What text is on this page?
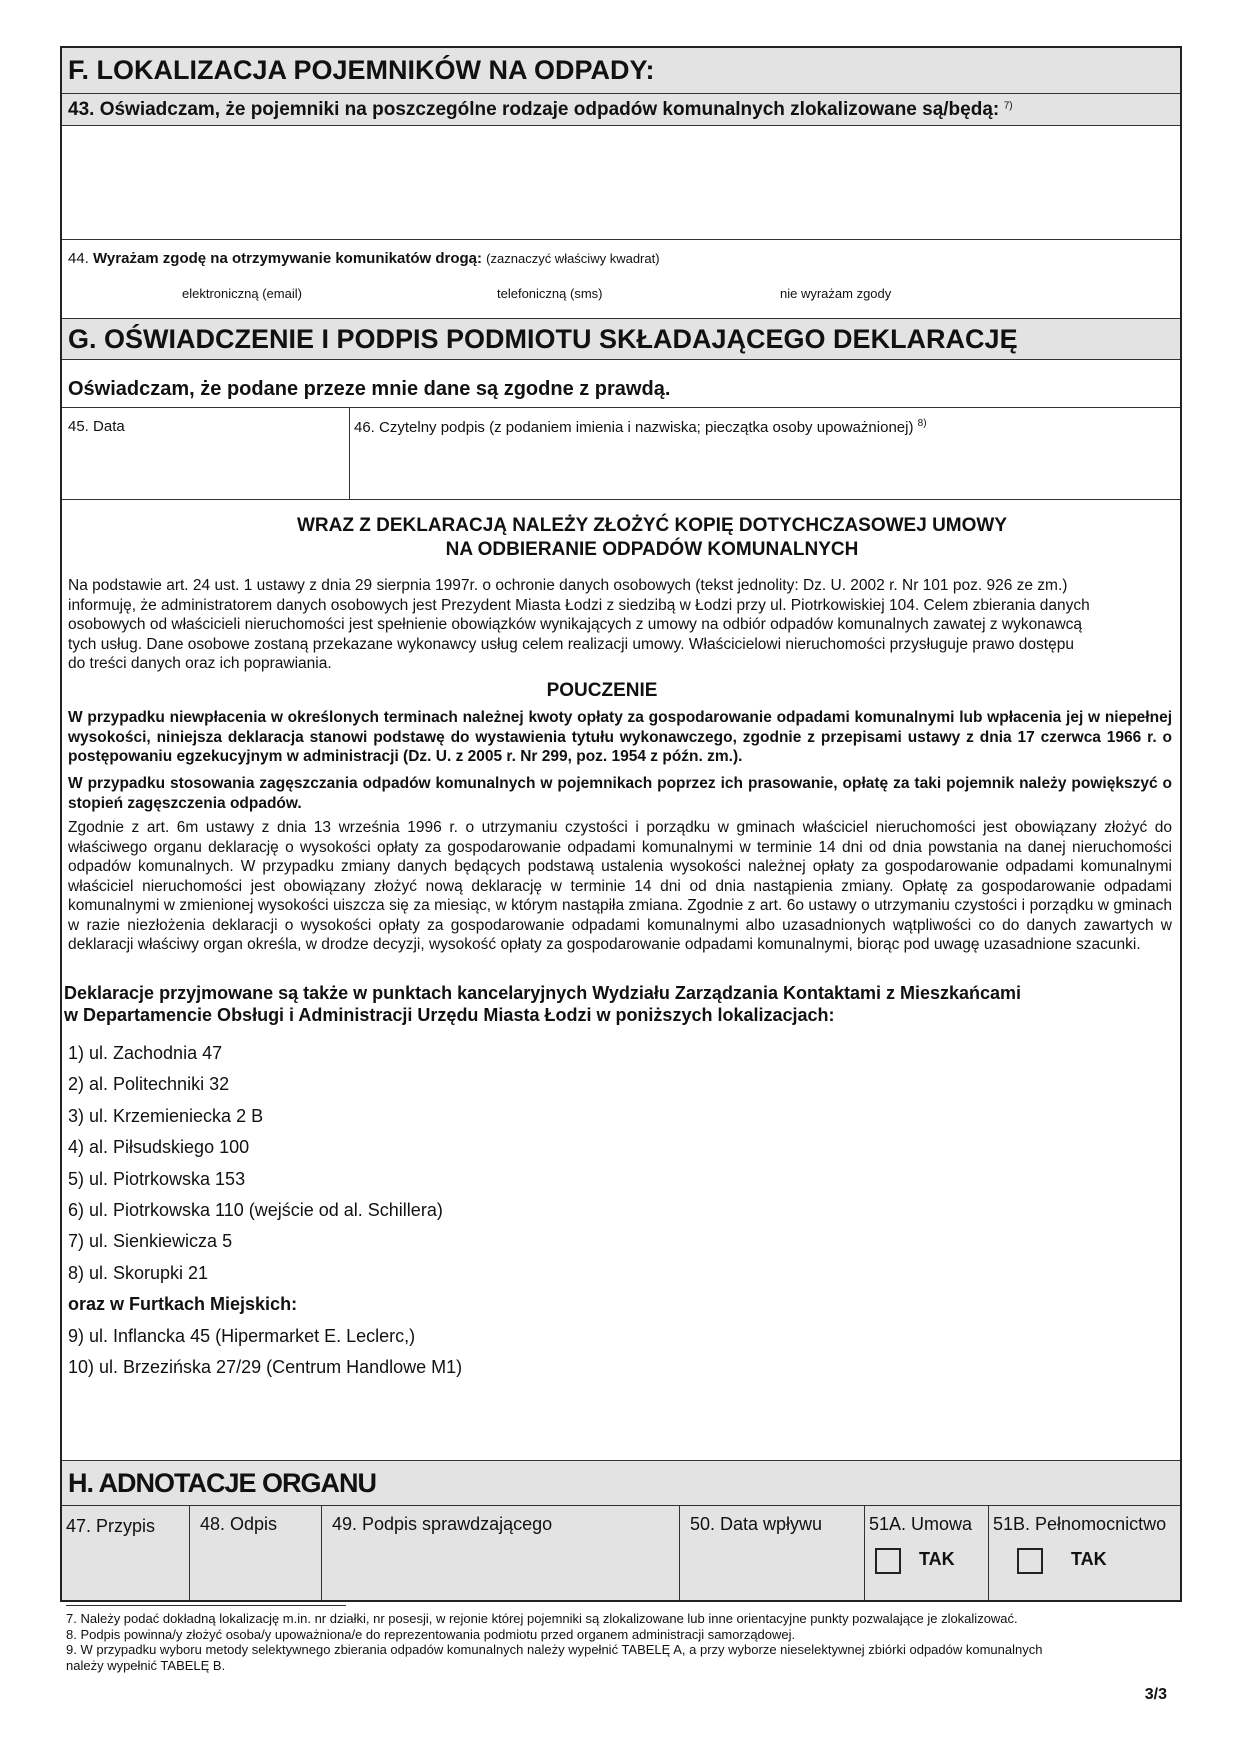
F. LOKALIZACJA POJEMNIKÓW NA ODPADY:
43. Oświadczam, że pojemniki na poszczególne rodzaje odpadów komunalnych zlokalizowane są/będą: $^{7)}$
44. Wyrażam zgodę na otrzymywanie komunikatów drogą: (zaznaczyć właściwy kwadrat)
elektroniczną (email)	telefoniczną (sms)	nie wyrażam zgody
G. OŚWIADCZENIE I PODPIS PODMIOTU SKŁADAJĄCEGO DEKLARACJĘ
Oświadczam, że podane przeze mnie dane są zgodne z prawdą.
45. Data	46. Czytelny podpis (z podaniem imienia i nazwiska; pieczątka osoby upoważnionej) $^{8)}$
WRAZ Z DEKLARACJĄ NALEŻY ZŁOŻYĆ KOPIĘ DOTYCHCZASOWEJ UMOWY
NA ODBIERANIE ODPADÓW KOMUNALNYCH
Na podstawie art. 24 ust. 1 ustawy z dnia 29 sierpnia 1997r. o ochronie danych osobowych (tekst jednolity: Dz. U. 2002 r. Nr 101 poz. 926 ze zm.)
informuję, że administratorem danych osobowych jest Prezydent Miasta Łodzi z siedzibą w Łodzi przy ul. Piotrkowiskiej 104. Celem zbierania danych
osobowych od właścicieli nieruchomości jest spełnienie obowiązków wynikających z umowy na odbiór odpadów komunalnych zawatej z wykonawcą
tych usług. Dane osobowe zostaną przekazane wykonawcy usług celem realizacji umowy. Właścicielowi nieruchomości przysługuje prawo dostępu
do treści danych oraz ich poprawiania.
POUCZENIE
W przypadku niewpłacenia w określonych terminach należnej kwoty opłaty za gospodarowanie odpadami komunalnymi lub wpłacenia jej w niepełnej wysokości, niniejsza deklaracja stanowi podstawę do wystawienia tytułu wykonawczego, zgodnie z przepisami ustawy z dnia 17 czerwca 1966 r. o postępowaniu egzekucyjnym w administracji (Dz. U. z 2005 r. Nr 299, poz. 1954 z późn. zm.).
W przypadku stosowania zagęszczania odpadów komunalnych w pojemnikach poprzez ich prasowanie, opłatę za taki pojemnik należy powiększyć o stopień zagęszczenia odpadów.
Zgodnie z art. 6m ustawy z dnia 13 września 1996 r. o utrzymaniu czystości i porządku w gminach właściciel nieruchomości jest obowiązany złożyć do właściwego organu deklarację o wysokości opłaty za gospodarowanie odpadami komunalnymi w terminie 14 dni od dnia powstania na danej nieruchomości odpadów komunalnych. W przypadku zmiany danych będących podstawą ustalenia wysokości należnej opłaty za gospodarowanie odpadami komunalnymi właściciel nieruchomości jest obowiązany złożyć nową deklarację w terminie 14 dni od dnia nastąpienia zmiany. Opłatę za gospodarowanie odpadami komunalnymi w zmienionej wysokości uiszcza się za miesiąc, w którym nastąpiła zmiana. Zgodnie z art. 6o ustawy o utrzymaniu czystości i porządku w gminach w razie niezłożenia deklaracji o wysokości opłaty za gospodarowanie odpadami komunalnymi albo uzasadnionych wątpliwości co do danych zawartych w deklaracji właściwy organ określa, w drodze decyzji, wysokość opłaty za gospodarowanie odpadami komunalnymi, biorąc pod uwagę uzasadnione szacunki.
Deklaracje przyjmowane są także w punktach kancelaryjnych Wydziału Zarządzania Kontaktami z Mieszkańcami
w Departamencie Obsługi i Administracji Urzędu Miasta Łodzi w poniższych lokalizacjach:
1) ul. Zachodnia 47
2) al. Politechniki 32
3) ul. Krzemieniecka 2 B
4) al. Piłsudskiego 100
5) ul. Piotrkowska 153
6) ul. Piotrkowska 110 (wejście od al. Schillera)
7) ul. Sienkiewicza 5
8) ul. Skorupki 21
oraz w Furtkach Miejskich:
9) ul. Inflancka 45 (Hipermarket E. Leclerc,)
10) ul. Brzezińska 27/29 (Centrum Handlowe M1)
H. ADNOTACJE ORGANU
47. Przypis	48. Odpis	49. Podpis sprawdzającego	50. Data wpływu	51A. Umowa
TAK
51B. Pełnomocnictwo
TAK
7. Należy podać dokładną lokalizację m.in. nr działki, nr posesji, w rejonie której pojemniki są zlokalizowane lub inne orientacyjne punkty pozwalające je zlokalizować.
8. Podpis powinna/y złożyć osoba/y upoważniona/e do reprezentowania podmiotu przed organem administracji samorządowej.
9. W przypadku wyboru metody selektywnego zbierania odpadów komunalnych należy wypełnić TABELĘ A, a przy wyborze nieselektywnej zbiórki odpadów komunalnych
należy wypełnić TABELĘ B.
3/3
